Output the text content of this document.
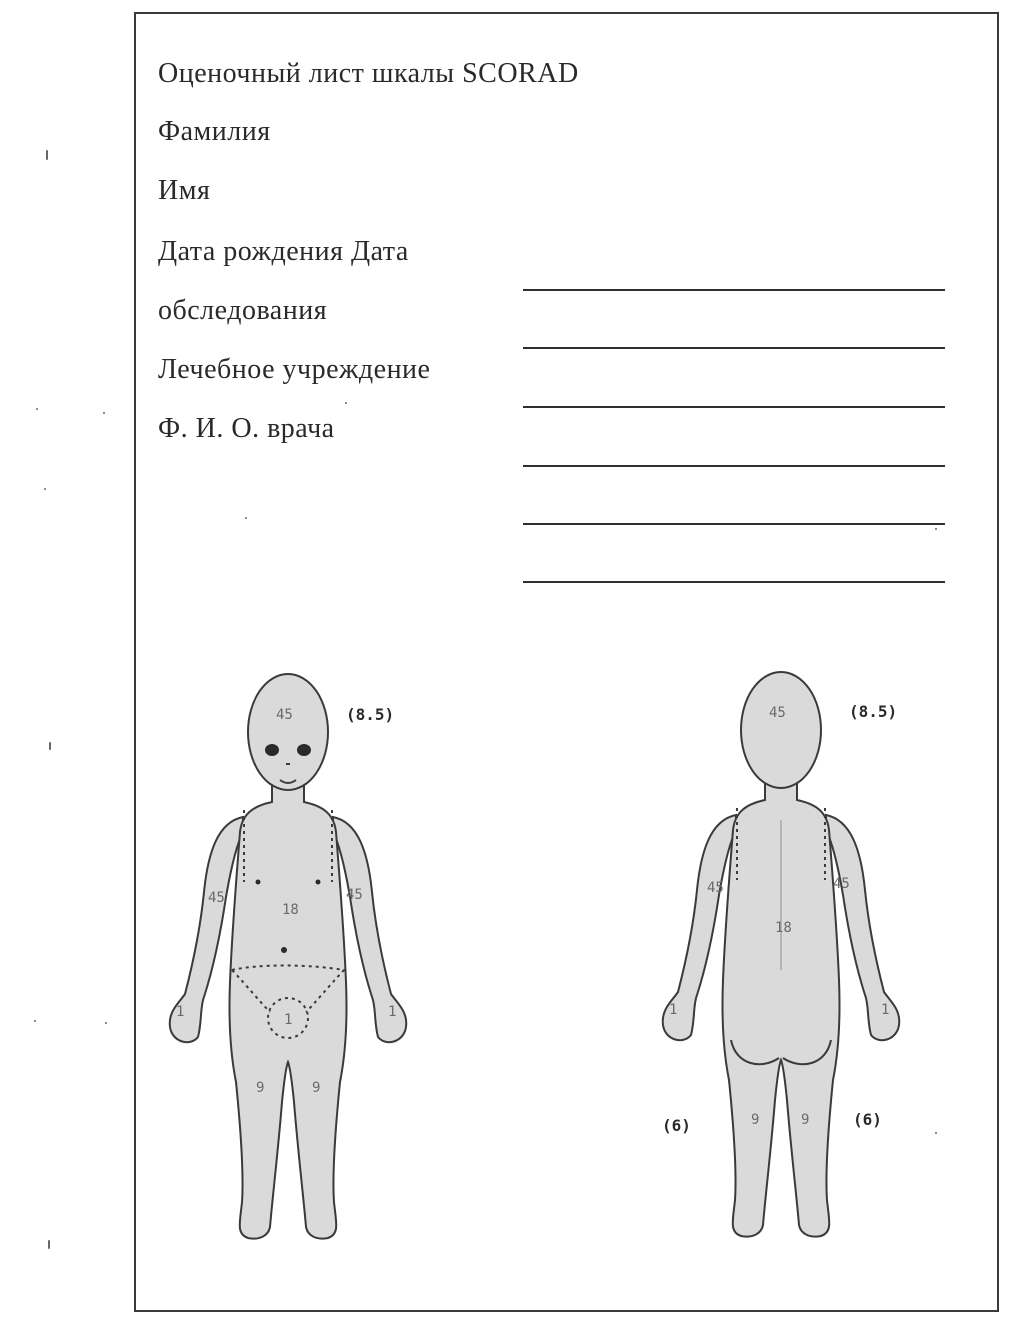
Оценочный лист шкалы SCORAD
Фамилия
Имя
Дата рождения Дата
обследования
Лечебное учреждение
Ф. И. О. врача
45
45	45
18
1
1	1
9	9
(8.5)	45
45	45
18
1	1
9	9
(8.5)
(6)	(6)
